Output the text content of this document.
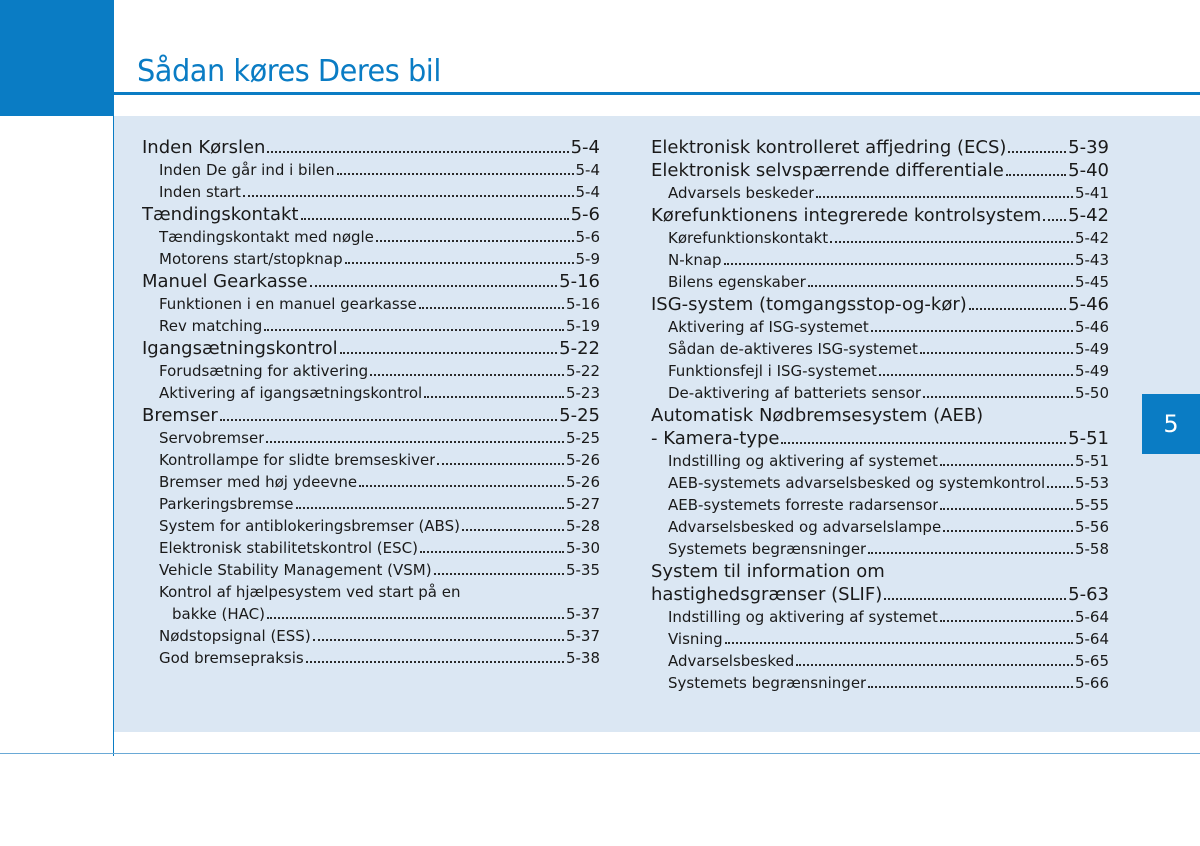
Sådan køres Deres bil
5
Inden Kørslen	5-4
Inden De går ind i bilen	5-4
Inden start	5-4
Tændingskontakt	5-6
Tændingskontakt med nøgle	5-6
Motorens start/stopknap	5-9
Manuel Gearkasse	5-16
Funktionen i en manuel gearkasse	5-16
Rev matching	5-19
Igangsætningskontrol	5-22
Forudsætning for aktivering	5-22
Aktivering af igangsætningskontrol	5-23
Bremser	5-25
Servobremser	5-25
Kontrollampe for slidte bremseskiver	5-26
Bremser med høj ydeevne	5-26
Parkeringsbremse	5-27
System for antiblokeringsbremser (ABS)	5-28
Elektronisk stabilitetskontrol (ESC)	5-30
Vehicle Stability Management (VSM)	5-35
Kontrol af hjælpesystem ved start på en
bakke (HAC)	5-37
Nødstopsignal (ESS)	5-37
God bremsepraksis	5-38
Elektronisk kontrolleret affjedring (ECS)	5-39
Elektronisk selvspærrende differentiale	5-40
Advarsels beskeder	5-41
Kørefunktionens integrerede kontrolsystem 5-42
Kørefunktionskontakt	5-42
N-knap	5-43
Bilens egenskaber	5-45
ISG-system (tomgangsstop-og-kør)	5-46
Aktivering af ISG-systemet	5-46
Sådan de-aktiveres ISG-systemet	5-49
Funktionsfejl i ISG-systemet	5-49
De-aktivering af batteriets sensor	5-50
Automatisk Nødbremsesystem (AEB)
- Kamera-type	5-51
Indstilling og aktivering af systemet	5-51
AEB-systemets advarselsbesked og systemkontrol 5-53
AEB-systemets forreste radarsensor	5-55
Advarselsbesked og advarselslampe	5-56
Systemets begrænsninger	5-58
System til information om
hastighedsgrænser (SLIF)	5-63
Indstilling og aktivering af systemet	5-64
Visning	5-64
Advarselsbesked	5-65
Systemets begrænsninger	5-66
